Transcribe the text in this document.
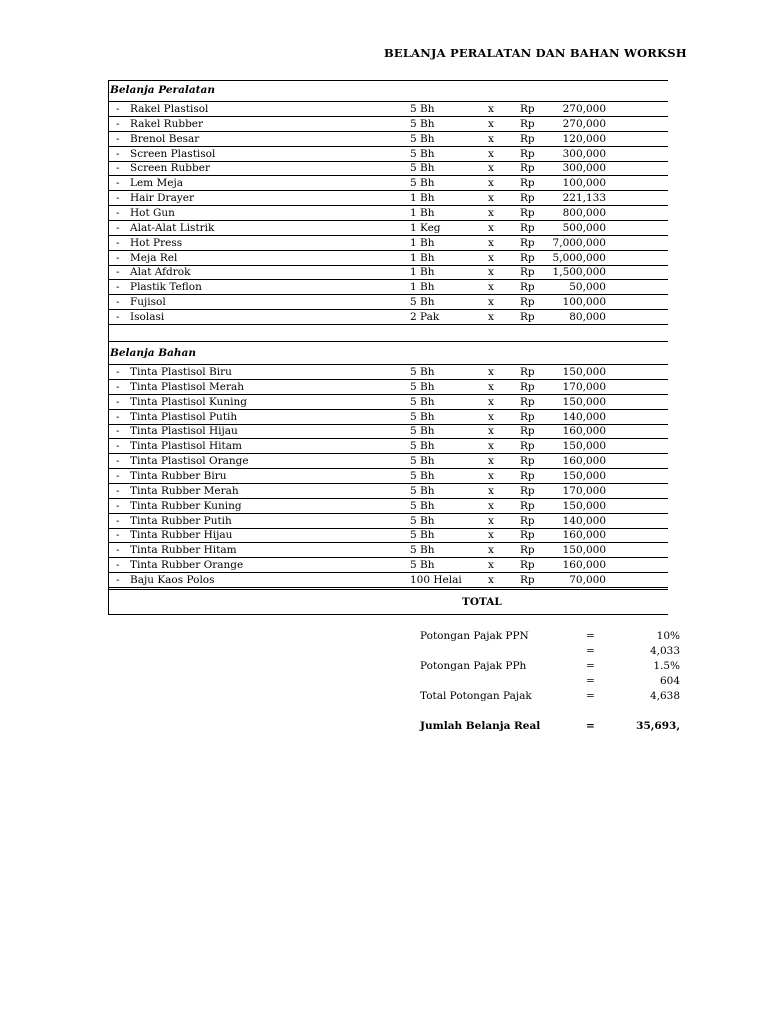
BELANJA PERALATAN DAN BAHAN WORKSH
Belanja Peralatan
- Rakel Plastisol	5 Bh	x Rp	270,000
- Rakel Rubber	5 Bh	x Rp	270,000
- Brenol Besar	5 Bh	x Rp	120,000
- Screen Plastisol	5 Bh	x Rp	300,000
- Screen Rubber	5 Bh	x Rp	300,000
- Lem Meja	5 Bh	x Rp	100,000
- Hair Drayer	1 Bh	x Rp	221,133
- Hot Gun	1 Bh	x Rp	800,000
- Alat-Alat Listrik	1 Keg	x Rp	500,000
- Hot Press	1 Bh	x Rp 7,000,000
- Meja Rel	1 Bh	x Rp 5,000,000
- Alat Afdrok	1 Bh	x Rp 1,500,000
- Plastik Teflon	1 Bh	x Rp	50,000
- Fujisol	5 Bh	x Rp	100,000
- Isolasi	2 Pak	x Rp	80,000
Belanja Bahan
- Tinta Plastisol Biru	5 Bh	x Rp	150,000
- Tinta Plastisol Merah	5 Bh	x Rp	170,000
- Tinta Plastisol Kuning	5 Bh	x Rp	150,000
- Tinta Plastisol Putih	5 Bh	x Rp	140,000
- Tinta Plastisol Hijau	5 Bh	x Rp	160,000
- Tinta Plastisol Hitam	5 Bh	x Rp	150,000
- Tinta Plastisol Orange	5 Bh	x Rp	160,000
- Tinta Rubber Biru	5 Bh	x Rp	150,000
- Tinta Rubber Merah	5 Bh	x Rp	170,000
- Tinta Rubber Kuning	5 Bh	x Rp	150,000
- Tinta Rubber Putih	5 Bh	x Rp	140,000
- Tinta Rubber Hijau	5 Bh	x Rp	160,000
- Tinta Rubber Hitam	5 Bh	x Rp	150,000
- Tinta Rubber Orange	5 Bh	x Rp	160,000
- Baju Kaos Polos	100 Helai	x Rp	70,000
TOTAL
Potongan Pajak PPN	=	10%
=	4,033
Potongan Pajak PPh	=	1.5%
=	604
Total Potongan Pajak	=	4,638
Jumlah Belanja Real	=	35,693,
